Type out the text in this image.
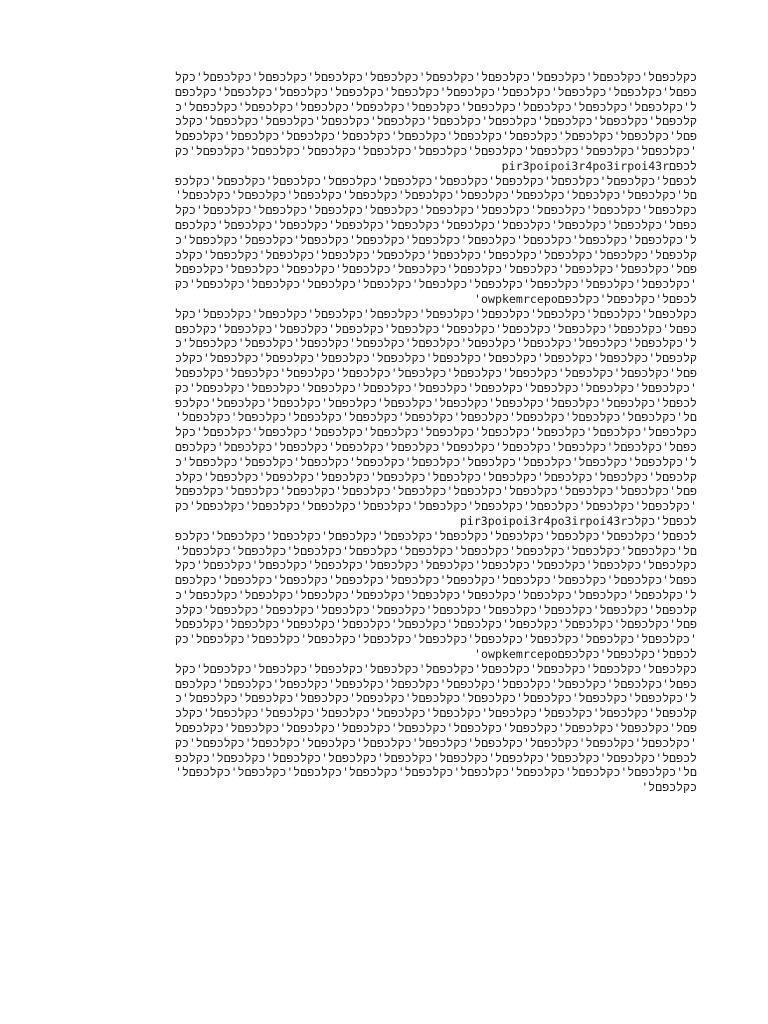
כקלכפםל'כקלכפםל'כקלכפםל'כקלכפםל'כקלכפםל'כקלכפםל'כקלכפםל'כקלכפםל'כקלכפםל'כקל
כפםל'כקלכפםל'כקלכפםל'כקלכפםל'כקלכפםל'כקלכפםל'כקלכפםל'כקלכפםל'כקלכפםל'כקלכפם
ל'כקלכפםל'כקלכפםל'כקלכפםל'כקלכפםל'כקלכפםל'כקלכפםל'כקלכפםל'כקלכפםל'כקלכפםל'כ
קלכפםל'כקלכפםל'כקלכפםל'כקלכפםל'כקלכפםל'כקלכפםל'כקלכפםל'כקלכפםל'כקלכפםל'כקלכ
פםל'כקלכפםל'כקלכפםל'כקלכפםל'כקלכפםל'כקלכפםל'כקלכפםל'כקלכפםל'כקלכפםל'כקלכפםל
'כקלכפםל'כקלכפםל'כקלכפםל'כקלכפםל'כקלכפםל'כקלכפםל'כקלכפםל'כקלכפםל'כקלכפםל'כק
לכפםpir3poipoi3r4po3irpoi43r
לכפםל'כקלכפםל'כקלכפםל'כקלכפםל'כקלכפםל'כקלכפםל'כקלכפםל'כקלכפםל'כקלכפםל'כקלכפ
םל'כקלכפםל'כקלכפםל'כקלכפםל'כקלכפםל'כקלכפםל'כקלכפםל'כקלכפםל'כקלכפםל'כקלכפםל'
כקלכפםל'כקלכפםל'כקלכפםל'כקלכפםל'כקלכפםל'כקלכפםל'כקלכפםל'כקלכפםל'כקלכפםל'כקל
כפםל'כקלכפםל'כקלכפםל'כקלכפםל'כקלכפםל'כקלכפםל'כקלכפםל'כקלכפםל'כקלכפםל'כקלכפם
ל'כקלכפםל'כקלכפםל'כקלכפםל'כקלכפםל'כקלכפםל'כקלכפםל'כקלכפםל'כקלכפםל'כקלכפםל'כ
קלכפםל'כקלכפםל'כקלכפםל'כקלכפםל'כקלכפםל'כקלכפםל'כקלכפםל'כקלכפםל'כקלכפםל'כקלכ
פםל'כקלכפםל'כקלכפםל'כקלכפםל'כקלכפםל'כקלכפםל'כקלכפםל'כקלכפםל'כקלכפםל'כקלכפםל
'כקלכפםל'כקלכפםל'כקלכפםל'כקלכפםל'כקלכפםל'כקלכפםל'כקלכפםל'כקלכפםל'כקלכפםל'כק
לכפםל'כקלכפםל'כקלכפםowpkemrcepo'
כקלכפםל'כקלכפםל'כקלכפםל'כקלכפםל'כקלכפםל'כקלכפםל'כקלכפםל'כקלכפםל'כקלכפםל'כקל
כפםל'כקלכפםל'כקלכפםל'כקלכפםל'כקלכפםל'כקלכפםל'כקלכפםל'כקלכפםל'כקלכפםל'כקלכפם
ל'כקלכפםל'כקלכפםל'כקלכפםל'כקלכפםל'כקלכפםל'כקלכפםל'כקלכפםל'כקלכפםל'כקלכפםל'כ
קלכפםל'כקלכפםל'כקלכפםל'כקלכפםל'כקלכפםל'כקלכפםל'כקלכפםל'כקלכפםל'כקלכפםל'כקלכ
פםל'כקלכפםל'כקלכפםל'כקלכפםל'כקלכפםל'כקלכפםל'כקלכפםל'כקלכפםל'כקלכפםל'כקלכפםל
'כקלכפםל'כקלכפםל'כקלכפםל'כקלכפםל'כקלכפםל'כקלכפםל'כקלכפםל'כקלכפםל'כקלכפםל'כק
לכפםל'כקלכפםל'כקלכפםל'כקלכפםל'כקלכפםל'כקלכפםל'כקלכפםל'כקלכפםל'כקלכפםל'כקלכפ
םל'כקלכפםל'כקלכפםל'כקלכפםל'כקלכפםל'כקלכפםל'כקלכפםל'כקלכפםל'כקלכפםל'כקלכפםל'
כקלכפםל'כקלכפםל'כקלכפםל'כקלכפםל'כקלכפםל'כקלכפםל'כקלכפםל'כקלכפםל'כקלכפםל'כקל
כפםל'כקלכפםל'כקלכפםל'כקלכפםל'כקלכפםל'כקלכפםל'כקלכפםל'כקלכפםל'כקלכפםל'כקלכפם
ל'כקלכפםל'כקלכפםל'כקלכפםל'כקלכפםל'כקלכפםל'כקלכפםל'כקלכפםל'כקלכפםל'כקלכפםל'כ
קלכפםל'כקלכפםל'כקלכפםל'כקלכפםל'כקלכפםל'כקלכפםל'כקלכפםל'כקלכפםל'כקלכפםל'כקלכ
פםל'כקלכפםל'כקלכפםל'כקלכפםל'כקלכפםל'כקלכפםל'כקלכפםל'כקלכפםל'כקלכפםל'כקלכפםל
'כקלכפםל'כקלכפםל'כקלכפםל'כקלכפםל'כקלכפםל'כקלכפםל'כקלכפםל'כקלכפםל'כקלכפםל'כק
לכפםל'כקלכpir3poipoi3r4po3irpoi43r
לכפםל'כקלכפםל'כקלכפםל'כקלכפםל'כקלכפםל'כקלכפםל'כקלכפםל'כקלכפםל'כקלכפםל'כקלכפ
םל'כקלכפםל'כקלכפםל'כקלכפםל'כקלכפםל'כקלכפםל'כקלכפםל'כקלכפםל'כקלכפםל'כקלכפםל'
כקלכפםל'כקלכפםל'כקלכפםל'כקלכפםל'כקלכפםל'כקלכפםל'כקלכפםל'כקלכפםל'כקלכפםל'כקל
כפםל'כקלכפםל'כקלכפםל'כקלכפםל'כקלכפםל'כקלכפםל'כקלכפםל'כקלכפםל'כקלכפםל'כקלכפם
ל'כקלכפםל'כקלכפםל'כקלכפםל'כקלכפםל'כקלכפםל'כקלכפםל'כקלכפםל'כקלכפםל'כקלכפםל'כ
קלכפםל'כקלכפםל'כקלכפםל'כקלכפםל'כקלכפםל'כקלכפםל'כקלכפםל'כקלכפםל'כקלכפםל'כקלכ
פםל'כקלכפםל'כקלכפםל'כקלכפםל'כקלכפםל'כקלכפםל'כקלכפםל'כקלכפםל'כקלכפםל'כקלכפםל
'כקלכפםל'כקלכפםל'כקלכפםל'כקלכפםל'כקלכפםל'כקלכפםל'כקלכפםל'כקלכפםל'כקלכפםל'כק
לכפםל'כקלכפםל'כקלכפםowpkemrcepo'
כקלכפםל'כקלכפםל'כקלכפםל'כקלכפםל'כקלכפםל'כקלכפםל'כקלכפםל'כקלכפםל'כקלכפםל'כקל
כפםל'כקלכפםל'כקלכפםל'כקלכפםל'כקלכפםל'כקלכפםל'כקלכפםל'כקלכפםל'כקלכפםל'כקלכפם
ל'כקלכפםל'כקלכפםל'כקלכפםל'כקלכפםל'כקלכפםל'כקלכפםל'כקלכפםל'כקלכפםל'כקלכפםל'כ
קלכפםל'כקלכפםל'כקלכפםל'כקלכפםל'כקלכפםל'כקלכפםל'כקלכפםל'כקלכפםל'כקלכפםל'כקלכ
פםל'כקלכפםל'כקלכפםל'כקלכפםל'כקלכפםל'כקלכפםל'כקלכפםל'כקלכפםל'כקלכפםל'כקלכפםל
'כקלכפםל'כקלכפםל'כקלכפםל'כקלכפםל'כקלכפםל'כקלכפםל'כקלכפםל'כקלכפםל'כקלכפםל'כק
לכפםל'כקלכפםל'כקלכפםל'כקלכפםל'כקלכפםל'כקלכפםל'כקלכפםל'כקלכפםל'כקלכפםל'כקלכפ
םל'כקלכפםל'כקלכפםל'כקלכפםל'כקלכפםל'כקלכפםל'כקלכפםל'כקלכפםל'כקלכפםל'כקלכפםל'
כקלכפםל'
